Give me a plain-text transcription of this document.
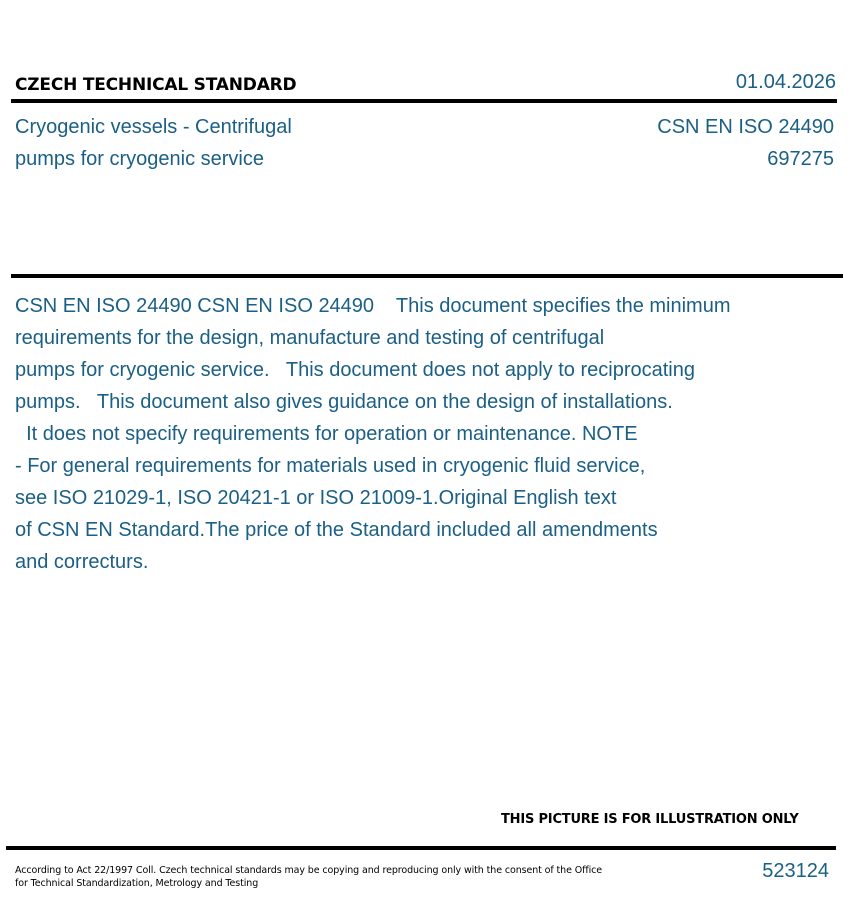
CZECH TECHNICAL STANDARD	01.04.2026
Cryogenic vessels - Centrifugal
pumps for cryogenic service
CSN EN ISO 24490
697275
CSN EN ISO 24490 CSN EN ISO 24490    This document specifies the minimum
requirements for the design, manufacture and testing of centrifugal
pumps for cryogenic service.   This document does not apply to reciprocating
pumps.   This document also gives guidance on the design of installations.
It does not specify requirements for operation or maintenance. NOTE
- For general requirements for materials used in cryogenic fluid service,
see ISO 21029-1, ISO 20421-1 or ISO 21009-1.Original English text
of CSN EN Standard.The price of the Standard included all amendments
and correcturs.
THIS PICTURE IS FOR ILLUSTRATION ONLY
According to Act 22/1997 Coll. Czech technical standards may be copying and reproducing only with the consent of the Office
for Technical Standardization, Metrology and Testing
523124
